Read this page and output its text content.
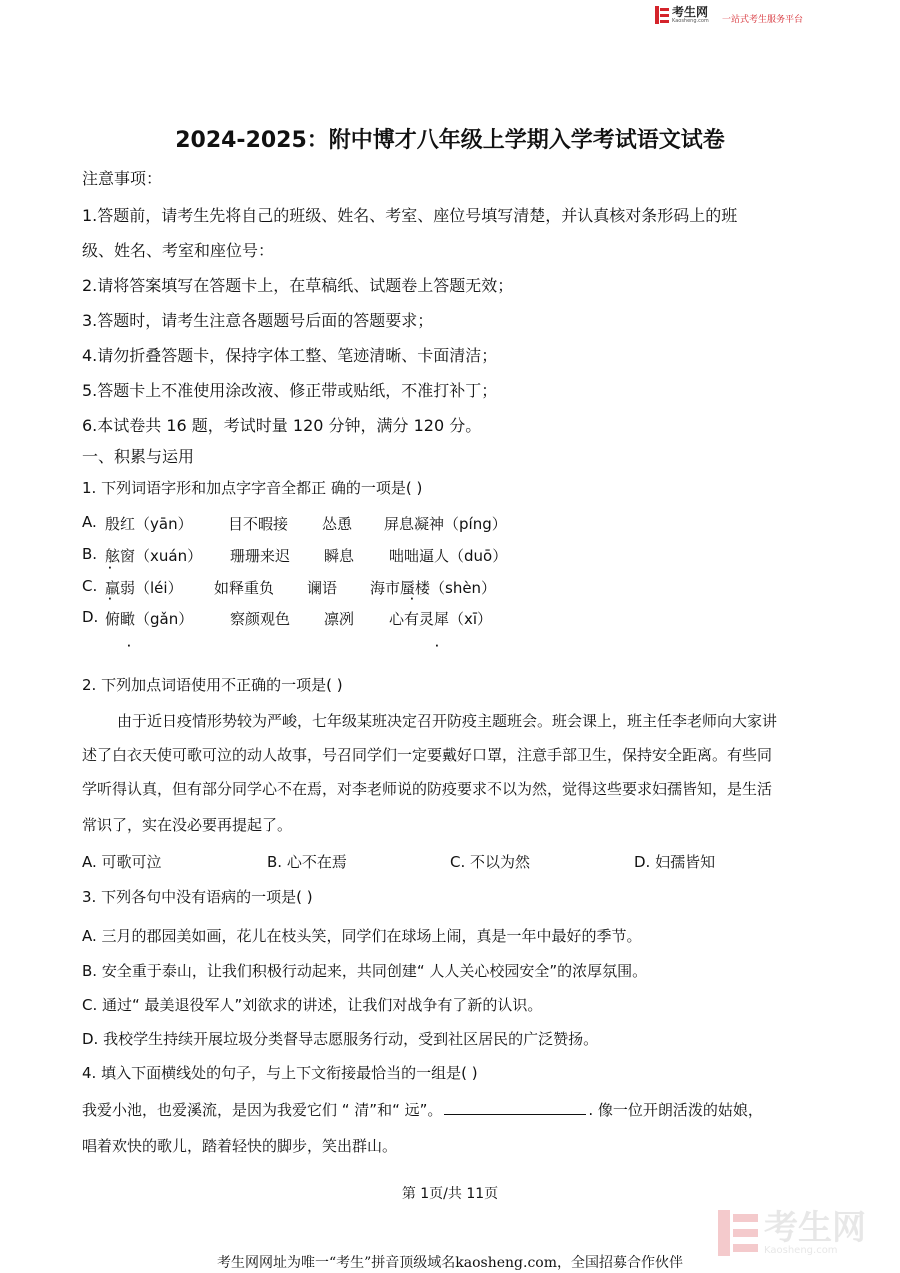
考生网
Kaosheng.com 一站式考生服务平台
2024-2025：附中博才八年级上学期入学考试语文试卷
注意事项：
1.答题前，请考生先将自己的班级、姓名、考室、座位号填写清楚，并认真核对条形码上的班
级、姓名、考室和座位号：
2.请将答案填写在答题卡上，在草稿纸、试题卷上答题无效；
3.答题时，请考生注意各题题号后面的答题要求；
4.请勿折叠答题卡，保持字体工整、笔迹清晰、卡面清洁；
5.答题卡上不准使用涂改液、修正带或贴纸，不准打补丁；
6.本试卷共 16 题，考试时量 120 分钟，满分 120 分。
一、积累与运用
1. 下列词语字形和加点字字音全都正 确的一项是( )
A. 殷红（yān） 目不暇接 怂恿 屏息凝神（píng）
B. 舷窗（xuán） 珊珊来迟 瞬息 咄咄逼人（duō）
C. 羸弱（léi） 如释重负 谰语 海市蜃楼（shèn）
D. 俯瞰（gǎn） 察颜观色 凛冽 心有灵犀（xī）
·
·	·
·	·
2. 下列加点词语使用不正确的一项是( )
由于近日疫情形势较为严峻，七年级某班决定召开防疫主题班会。班会课上，班主任李老师向大家讲
述了白衣天使可歌可泣的动人故事，号召同学们一定要戴好口罩，注意手部卫生，保持安全距离。有些同
学听得认真，但有部分同学心不在焉，对李老师说的防疫要求不以为然，觉得这些要求妇孺皆知，是生活
常识了，实在没必要再提起了。
A. 可歌可泣	B. 心不在焉	C. 不以为然	D. 妇孺皆知
3. 下列各句中没有语病的一项是( )
A. 三月的郡园美如画，花儿在枝头笑，同学们在球场上闹，真是一年中最好的季节。
B. 安全重于泰山，让我们积极行动起来，共同创建“ 人人关心校园安全”的浓厚氛围。
C. 通过“ 最美退役军人”刘欲求的讲述，让我们对战争有了新的认识。
D. 我校学生持续开展垃圾分类督导志愿服务行动，受到社区居民的广泛赞扬。
4. 填入下面横线处的句子，与上下文衔接最恰当的一组是( )
我爱小池，也爱溪流，是因为我爱它们 “ 清”和“ 远”。	. 像一位开朗活泼的姑娘，
唱着欢快的歌儿，踏着轻快的脚步，笑出群山。
第 1页/共 11页
考生网
Kaosheng.com
考生网网址为唯一“考生”拼音顶级域名kaosheng.com，全国招募合作伙伴
